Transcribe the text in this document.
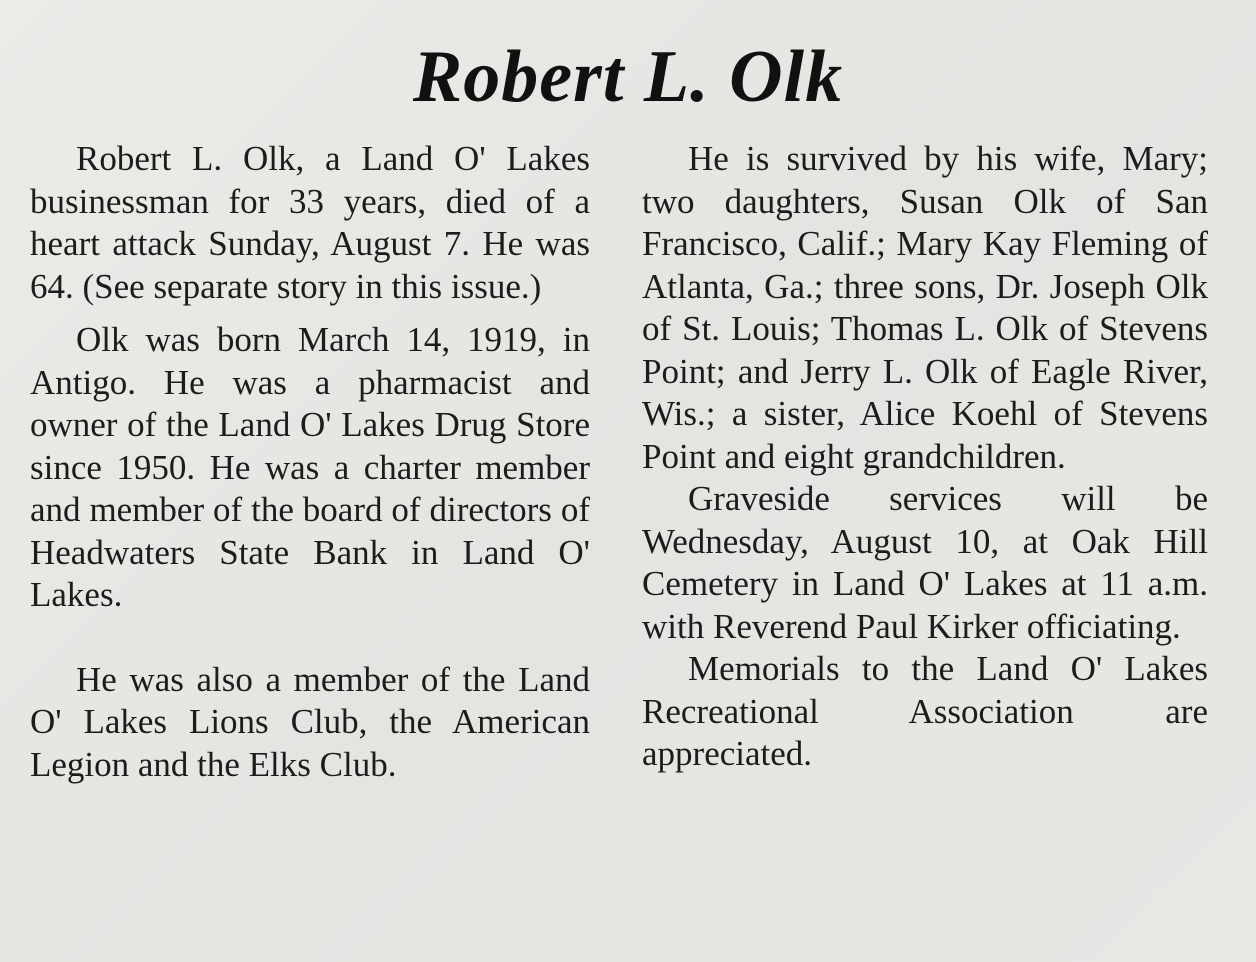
Robert L. Olk

Robert L. Olk, a Land O' Lakes businessman for 33 years, died of a heart attack Sunday, August 7. He was 64. (See separate story in this issue.)

Olk was born March 14, 1919, in Antigo. He was a pharmacist and owner of the Land O' Lakes Drug Store since 1950. He was a charter member and member of the board of directors of Headwaters State Bank in Land O' Lakes.

He was also a member of the Land O' Lakes Lions Club, the American Legion and the Elks Club.

He is survived by his wife, Mary; two daughters, Susan Olk of San Francisco, Calif.; Mary Kay Fleming of Atlanta, Ga.; three sons, Dr. Joseph Olk of St. Louis; Thomas L. Olk of Stevens Point; and Jerry L. Olk of Eagle River, Wis.; a sister, Alice Koehl of Stevens Point and eight grandchildren.

Graveside services will be Wednesday, August 10, at Oak Hill Cemetery in Land O' Lakes at 11 a.m. with Reverend Paul Kirker officiating.

Memorials to the Land O' Lakes Recreational Association are appreciated.
